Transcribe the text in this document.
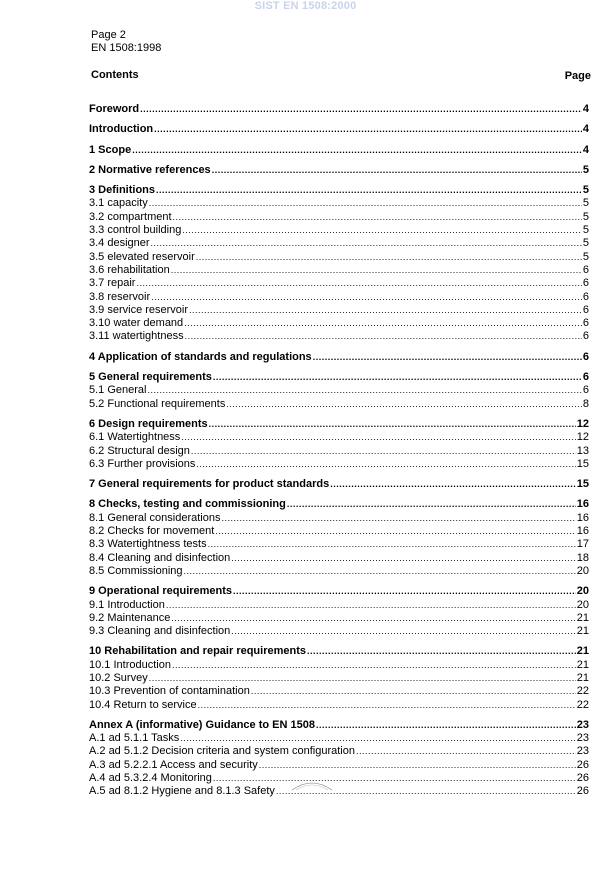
SIST EN 1508:2000
Page 2
EN 1508:1998
Contents	Page
Foreword .....	4
Introduction .....	4
1 Scope .....	4
2 Normative references .....	5
3 Definitions .....	5
3.1 capacity .....	5
3.2 compartment .....	5
3.3 control building .....	5
3.4 designer .....	5
3.5 elevated reservoir .....	5
3.6 rehabilitation .....	6
3.7 repair .....	6
3.8 reservoir .....	6
3.9 service reservoir .....	6
3.10 water demand .....	6
3.11 watertightness .....	6
4 Application of standards and regulations .....	6
5 General requirements .....	6
5.1 General .....	6
5.2 Functional requirements .....	8
6 Design requirements .....	12
6.1 Watertightness .....	12
6.2 Structural design .....	13
6.3 Further provisions .....	15
7 General requirements for product standards .....	15
8 Checks, testing and commissioning .....	16
8.1 General considerations .....	16
8.2 Checks for movement .....	16
8.3 Watertightness tests .....	17
8.4 Cleaning and disinfection .....	18
8.5 Commissioning .....	20
9 Operational requirements .....	20
9.1 Introduction .....	20
9.2 Maintenance .....	21
9.3 Cleaning and disinfection .....	21
10 Rehabilitation and repair requirements .....	21
10.1 Introduction .....	21
10.2 Survey .....	21
10.3 Prevention of contamination .....	22
10.4 Return to service .....	22
Annex A (informative) Guidance to EN 1508 .....	23
A.1 ad 5.1.1 Tasks .....	23
A.2 ad 5.1.2 Decision criteria and system configuration .....	23
A.3 ad 5.2.2.1 Access and security .....	26
A.4 ad 5.3.2.4 Monitoring .....	26
A.5 ad 8.1.2 Hygiene and 8.1.3 Safety .....	26
